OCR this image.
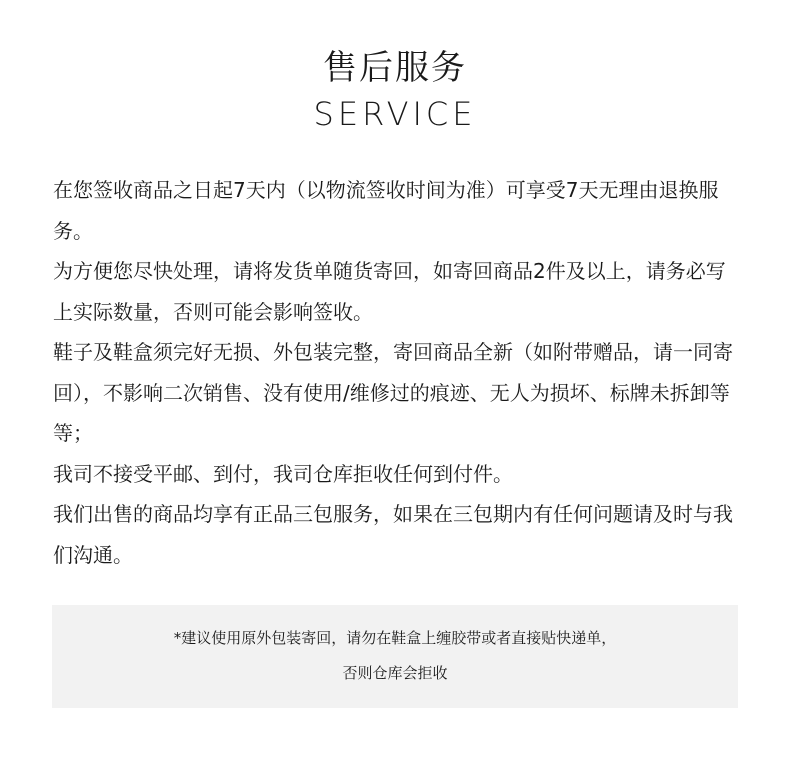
售后服务
SERVICE

在您签收商品之日起7天内（以物流签收时间为准）可享受7天无理由退换服务。

为方便您尽快处理，请将发货单随货寄回，如寄回商品2件及以上，请务必写上实际数量，否则可能会影响签收。

鞋子及鞋盒须完好无损、外包装完整，寄回商品全新（如附带赠品，请一同寄回），不影响二次销售、没有使用/维修过的痕迹、无人为损坏、标牌未拆卸等等；

我司不接受平邮、到付，我司仓库拒收任何到付件。

我们出售的商品均享有正品三包服务，如果在三包期内有任何问题请及时与我们沟通。

*建议使用原外包装寄回，请勿在鞋盒上缠胶带或者直接贴快递单，
否则仓库会拒收
